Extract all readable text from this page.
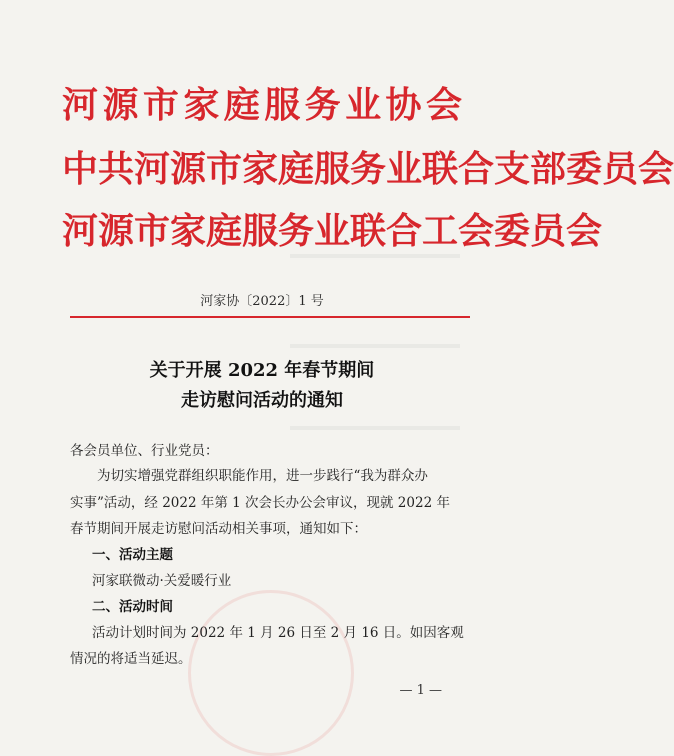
河源市家庭服务业协会
中共河源市家庭服务业联合支部委员会
河源市家庭服务业联合工会委员会
河家协〔2022〕1 号
关于开展 2022 年春节期间
走访慰问活动的通知
各会员单位、行业党员：
为切实增强党群组织职能作用，进一步践行“我为群众办
实事”活动，经 2022 年第 1 次会长办公会审议，现就 2022 年
春节期间开展走访慰问活动相关事项，通知如下：
一、活动主题
河家联微动·关爱暖行业
二、活动时间
活动计划时间为 2022 年 1 月 26 日至 2 月 16 日。如因客观
情况的将适当延迟。
— 1 —
